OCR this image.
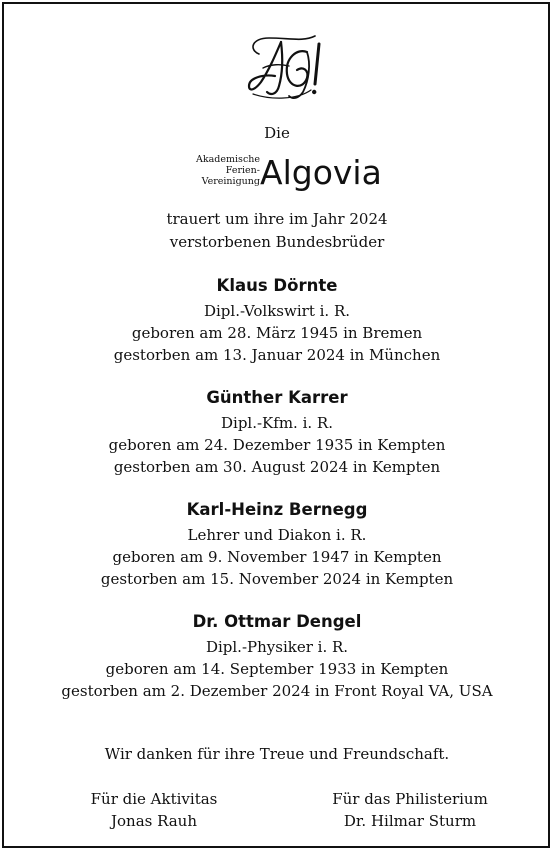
Die
Akademische
Ferien-
Vereinigung Algovia
trauert um ihre im Jahr 2024
verstorbenen Bundesbrüder
Klaus Dörnte
Dipl.-Volkswirt i. R.
geboren am 28. März 1945 in Bremen
gestorben am 13. Januar 2024 in München
Günther Karrer
Dipl.-Kfm. i. R.
geboren am 24. Dezember 1935 in Kempten
gestorben am 30. August 2024 in Kempten
Karl-Heinz Bernegg
Lehrer und Diakon i. R.
geboren am 9. November 1947 in Kempten
gestorben am 15. November 2024 in Kempten
Dr. Ottmar Dengel
Dipl.-Physiker i. R.
geboren am 14. September 1933 in Kempten
gestorben am 2. Dezember 2024 in Front Royal VA, USA
Wir danken für ihre Treue und Freundschaft.
Für die Aktivitas
Jonas Rauh
Für das Philisterium
Dr. Hilmar Sturm
